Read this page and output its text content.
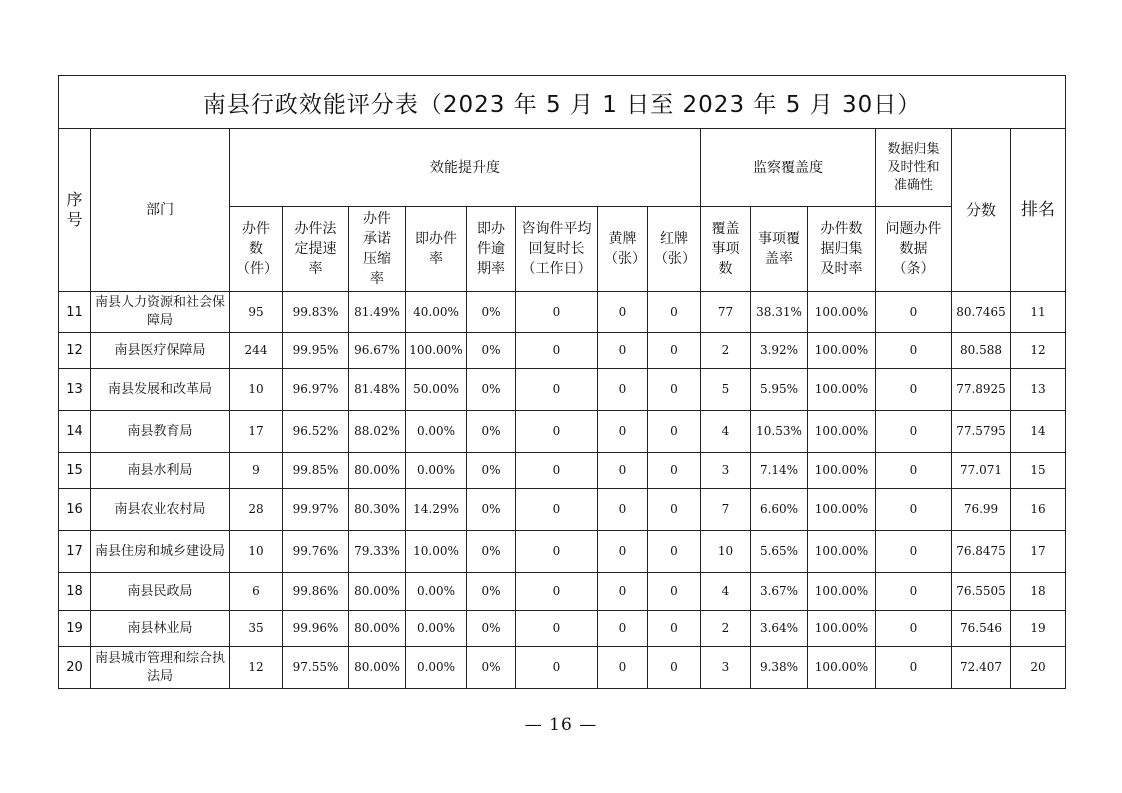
南县行政效能评分表（2023 年 5 月 1 日至 2023 年 5 月 30日）															
序号	部门	效能提升度								监察覆盖度			数据归集及时性和准确性	分数	排名
		办件数（件）	办件法定提速率	办件承诺压缩率	即办件率	即办件逾期率	咨询件平均回复时长（工作日）	黄牌（张）	红牌（张）	覆盖事项数	事项覆盖率	办件数据归集及时率	问题办件数据（条）		
11	南县人力资源和社会保障局	95	99.83%	81.49%	40.00%	0%	0	0	0	77	38.31%	100.00%	0	80.7465	11
12	南县医疗保障局	244	99.95%	96.67%	100.00%	0%	0	0	0	2	3.92%	100.00%	0	80.588	12
13	南县发展和改革局	10	96.97%	81.48%	50.00%	0%	0	0	0	5	5.95%	100.00%	0	77.8925	13
14	南县教育局	17	96.52%	88.02%	0.00%	0%	0	0	0	4	10.53%	100.00%	0	77.5795	14
15	南县水利局	9	99.85%	80.00%	0.00%	0%	0	0	0	3	7.14%	100.00%	0	77.071	15
16	南县农业农村局	28	99.97%	80.30%	14.29%	0%	0	0	0	7	6.60%	100.00%	0	76.99	16
17	南县住房和城乡建设局	10	99.76%	79.33%	10.00%	0%	0	0	0	10	5.65%	100.00%	0	76.8475	17
18	南县民政局	6	99.86%	80.00%	0.00%	0%	0	0	0	4	3.67%	100.00%	0	76.5505	18
19	南县林业局	35	99.96%	80.00%	0.00%	0%	0	0	0	2	3.64%	100.00%	0	76.546	19
20	南县城市管理和综合执法局	12	97.55%	80.00%	0.00%	0%	0	0	0	3	9.38%	100.00%	0	72.407	20
— 16 —
